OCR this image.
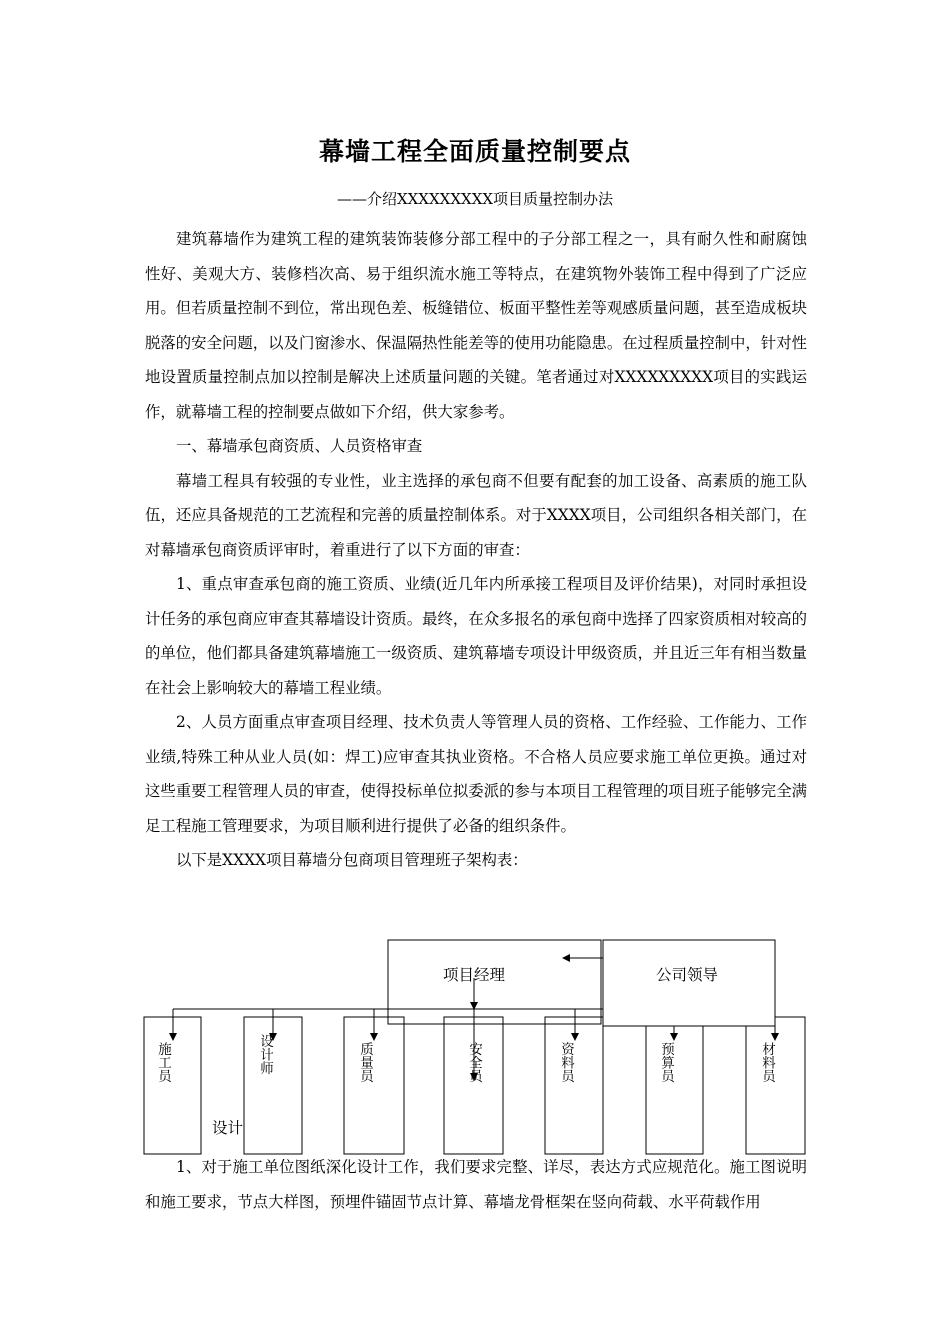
幕墙工程全面质量控制要点
——介绍XXXXXXXXX项目质量控制办法

建筑幕墙作为建筑工程的建筑装饰装修分部工程中的子分部工程之一，具有耐久性和耐腐蚀性好、美观大方、装修档次高、易于组织流水施工等特点，在建筑物外装饰工程中得到了广泛应用。但若质量控制不到位，常出现色差、板缝错位、板面平整性差等观感质量问题，甚至造成板块脱落的安全问题，以及门窗渗水、保温隔热性能差等的使用功能隐患。在过程质量控制中，针对性地设置质量控制点加以控制是解决上述质量问题的关键。笔者通过对XXXXXXXXX项目的实践运作，就幕墙工程的控制要点做如下介绍，供大家参考。

一、幕墙承包商资质、人员资格审查

幕墙工程具有较强的专业性，业主选择的承包商不但要有配套的加工设备、高素质的施工队伍，还应具备规范的工艺流程和完善的质量控制体系。对于XXXX项目，公司组织各相关部门，在对幕墙承包商资质评审时，着重进行了以下方面的审查：

1、重点审查承包商的施工资质、业绩(近几年内所承接工程项目及评价结果)，对同时承担设计任务的承包商应审查其幕墙设计资质。最终，在众多报名的承包商中选择了四家资质相对较高的的单位，他们都具备建筑幕墙施工一级资质、建筑幕墙专项设计甲级资质，并且近三年有相当数量在社会上影响较大的幕墙工程业绩。

2、人员方面重点审查项目经理、技术负责人等管理人员的资格、工作经验、工作能力、工作业绩,特殊工种从业人员(如：焊工)应审查其执业资格。不合格人员应要求施工单位更换。通过对这些重要工程管理人员的审查，使得投标单位拟委派的参与本项目工程管理的项目班子能够完全满足工程施工管理要求，为项目顺利进行提供了必备的组织条件。

以下是XXXX项目幕墙分包商项目管理班子架构表：

项目经理	公司领导
施工员	设计师	质量员	安全员	资料员	预算员	材料员
设计

1、对于施工单位图纸深化设计工作，我们要求完整、详尽，表达方式应规范化。施工图说明和施工要求，节点大样图，预埋件锚固节点计算、幕墙龙骨框架在竖向荷载、水平荷载作用
